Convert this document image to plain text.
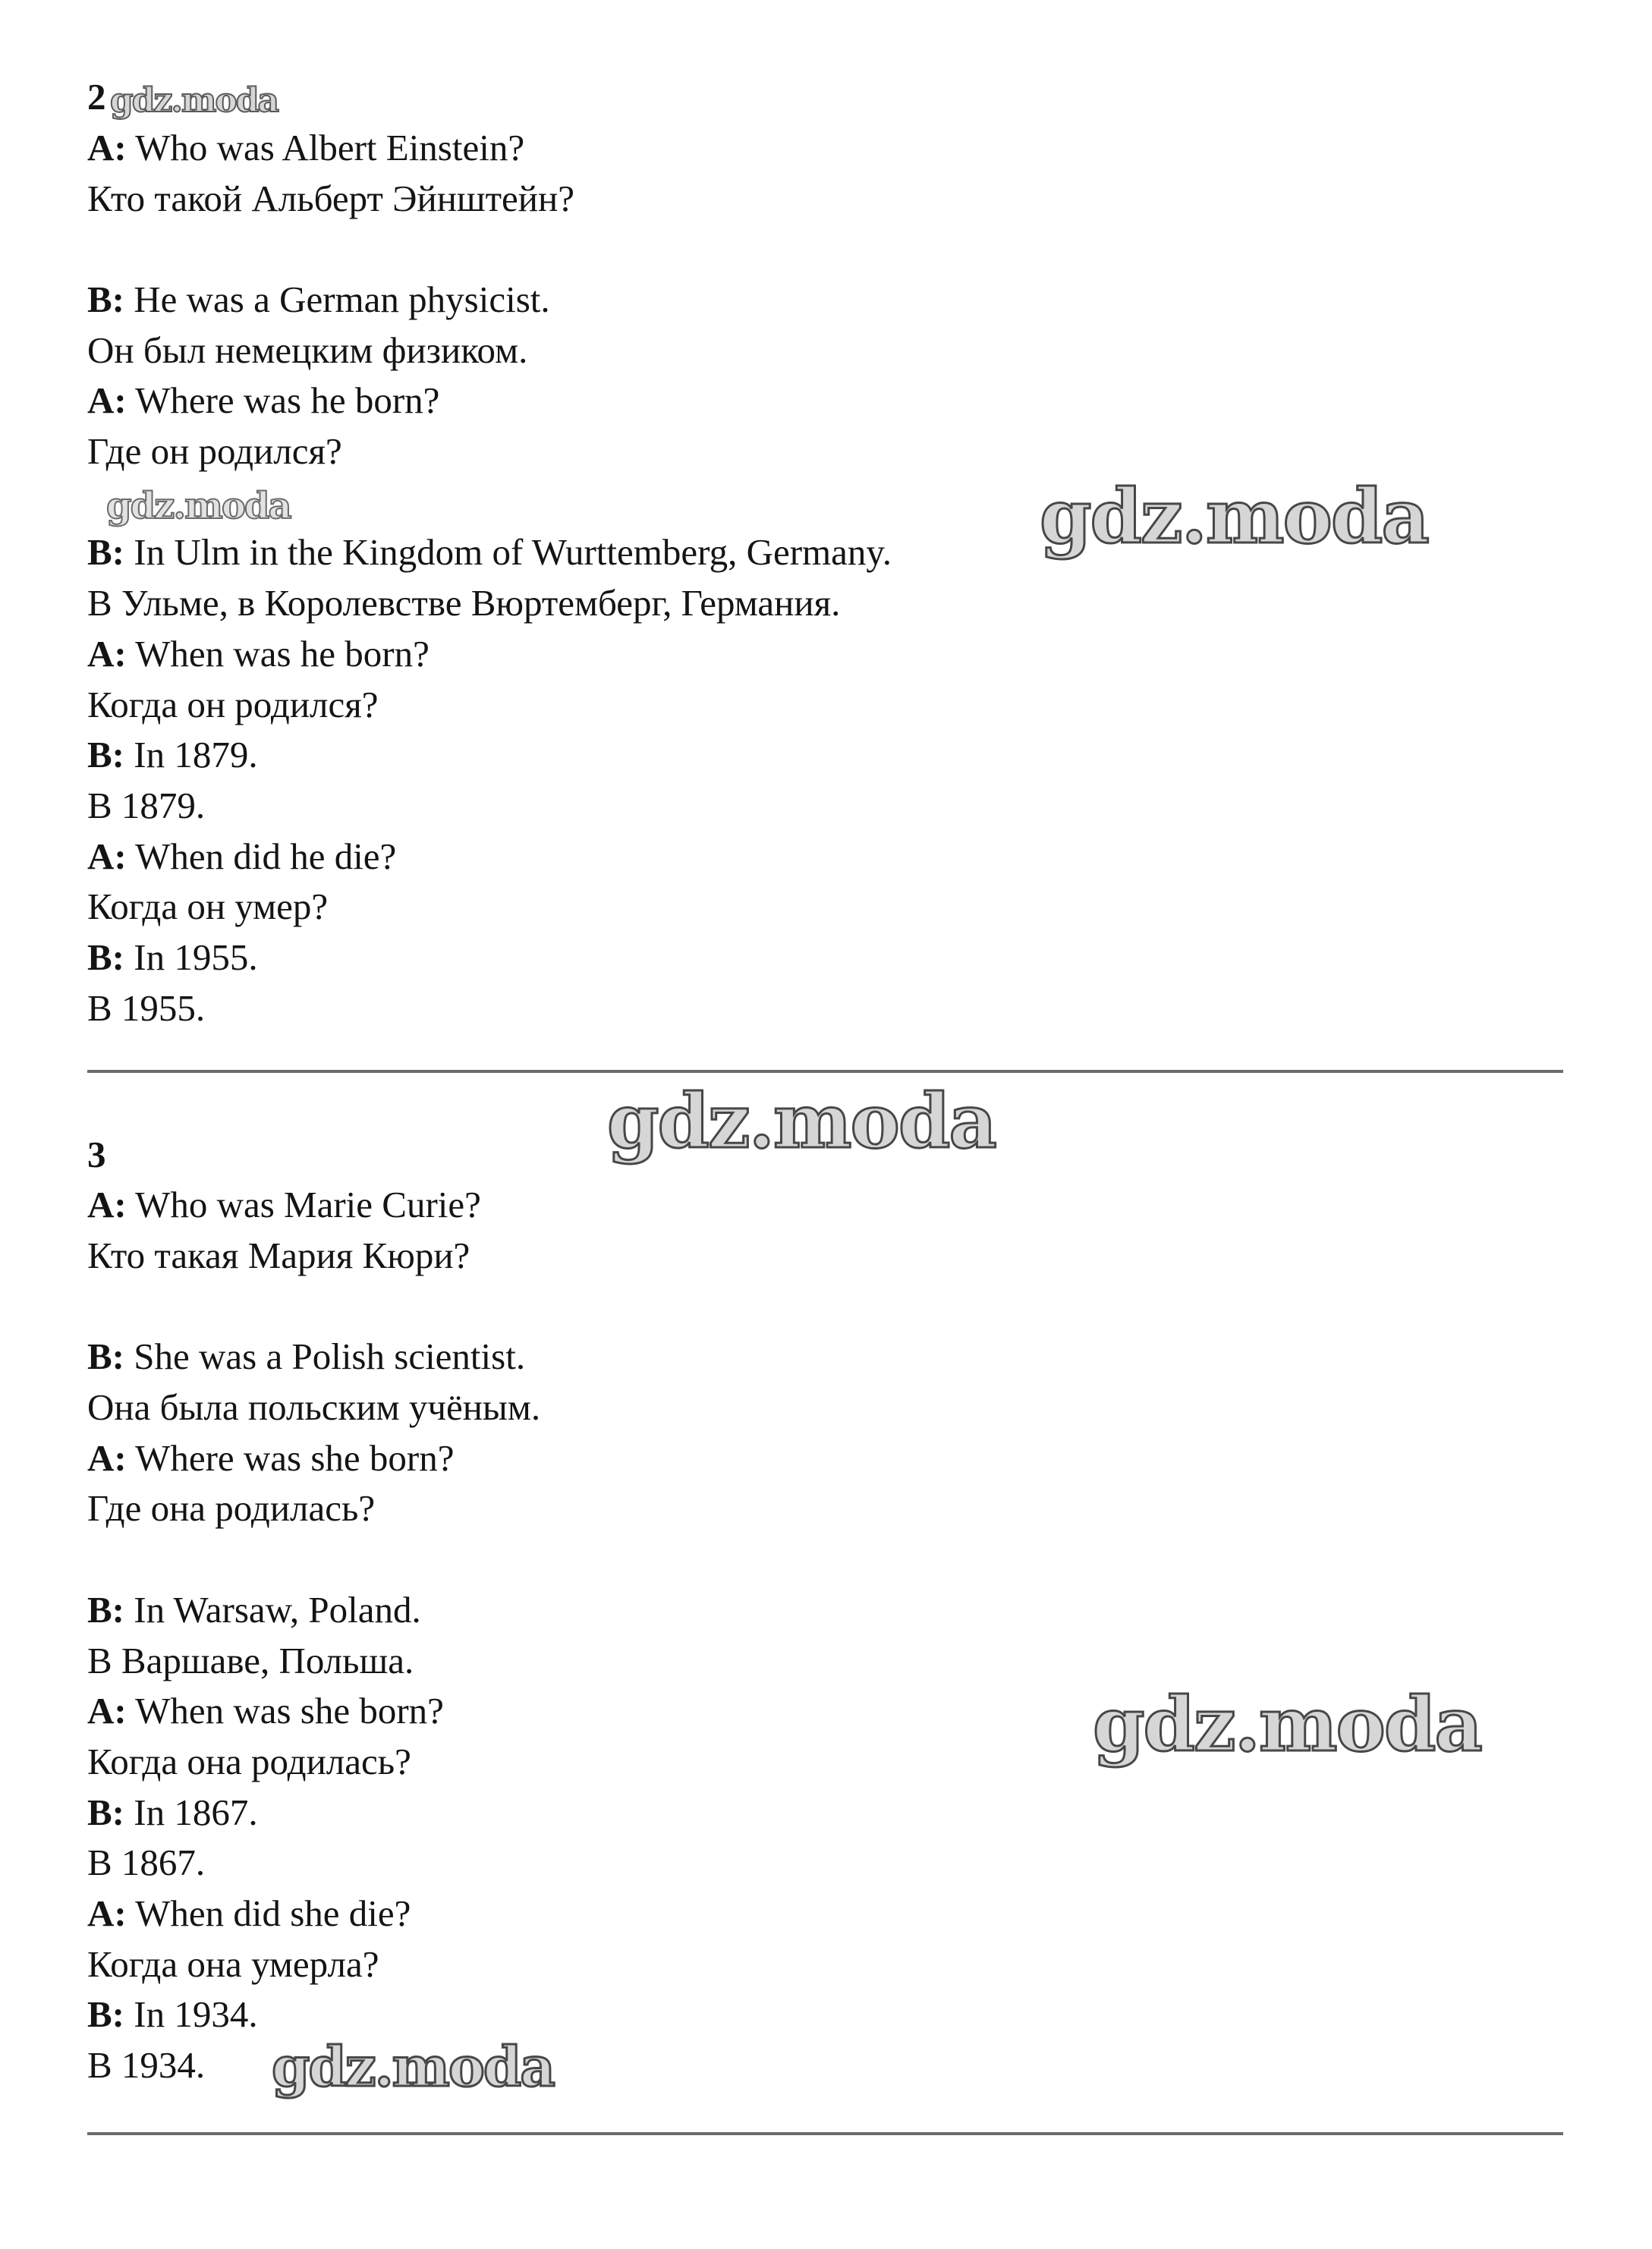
2 gdz.moda
A: Who was Albert Einstein?
Кто такой Альберт Эйнштейн?
B: He was a German physicist.
Он был немецким физиком.
A: Where was he born?
Где он родился?
gdz.moda
B: In Ulm in the Kingdom of Wurttemberg, Germany.
В Ульме, в Королевстве Вюртемберг, Германия.
gdz.moda
A: When was he born?
Когда он родился?
B: In 1879.
В 1879.
A: When did he die?
Когда он умер?
B: In 1955.
В 1955.
gdz.moda
3
A: Who was Marie Curie?
Кто такая Мария Кюри?
B: She was a Polish scientist.
Она была польским учёным.
A: Where was she born?
Где она родилась?
B: In Warsaw, Poland.
В Варшаве, Польша.
A: When was she born?	gdz.moda
Когда она родилась?
B: In 1867.
В 1867.
A: When did she die?
Когда она умерла?
B: In 1934.
В 1934. gdz.moda
